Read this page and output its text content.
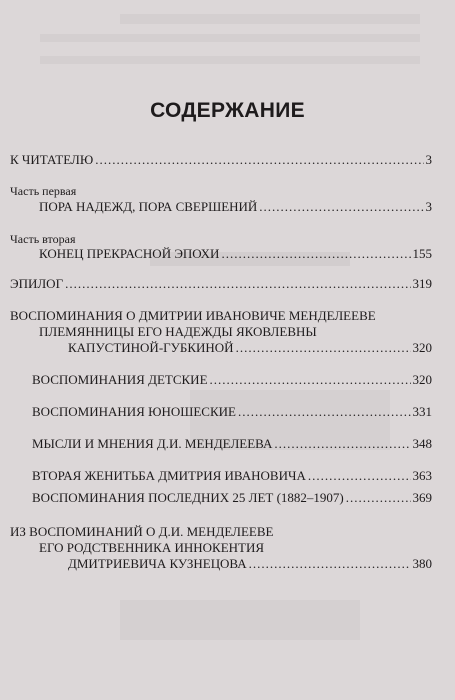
СОДЕРЖАНИЕ
К ЧИТАТЕЛЮ .....	3
Часть первая
ПОРА НАДЕЖД, ПОРА СВЕРШЕНИЙ .....	3
Часть вторая
КОНЕЦ ПРЕКРАСНОЙ ЭПОХИ .....	155
ЭПИЛОГ .....	319
ВОСПОМИНАНИЯ О ДМИТРИИ ИВАНОВИЧЕ МЕНДЕЛЕЕВЕ
ПЛЕМЯННИЦЫ ЕГО НАДЕЖДЫ ЯКОВЛЕВНЫ
КАПУСТИНОЙ-ГУБКИНОЙ .....	320
ВОСПОМИНАНИЯ ДЕТСКИЕ .....	320
ВОСПОМИНАНИЯ ЮНОШЕСКИЕ .....	331
МЫСЛИ И МНЕНИЯ Д.И. МЕНДЕЛЕЕВА .....	348
ВТОРАЯ ЖЕНИТЬБА ДМИТРИЯ ИВАНОВИЧА .....	363
ВОСПОМИНАНИЯ ПОСЛЕДНИХ 25 ЛЕТ (1882–1907) .....	369
ИЗ ВОСПОМИНАНИЙ О Д.И. МЕНДЕЛЕЕВЕ
ЕГО РОДСТВЕННИКА ИННОКЕНТИЯ
ДМИТРИЕВИЧА КУЗНЕЦОВА .....	380
